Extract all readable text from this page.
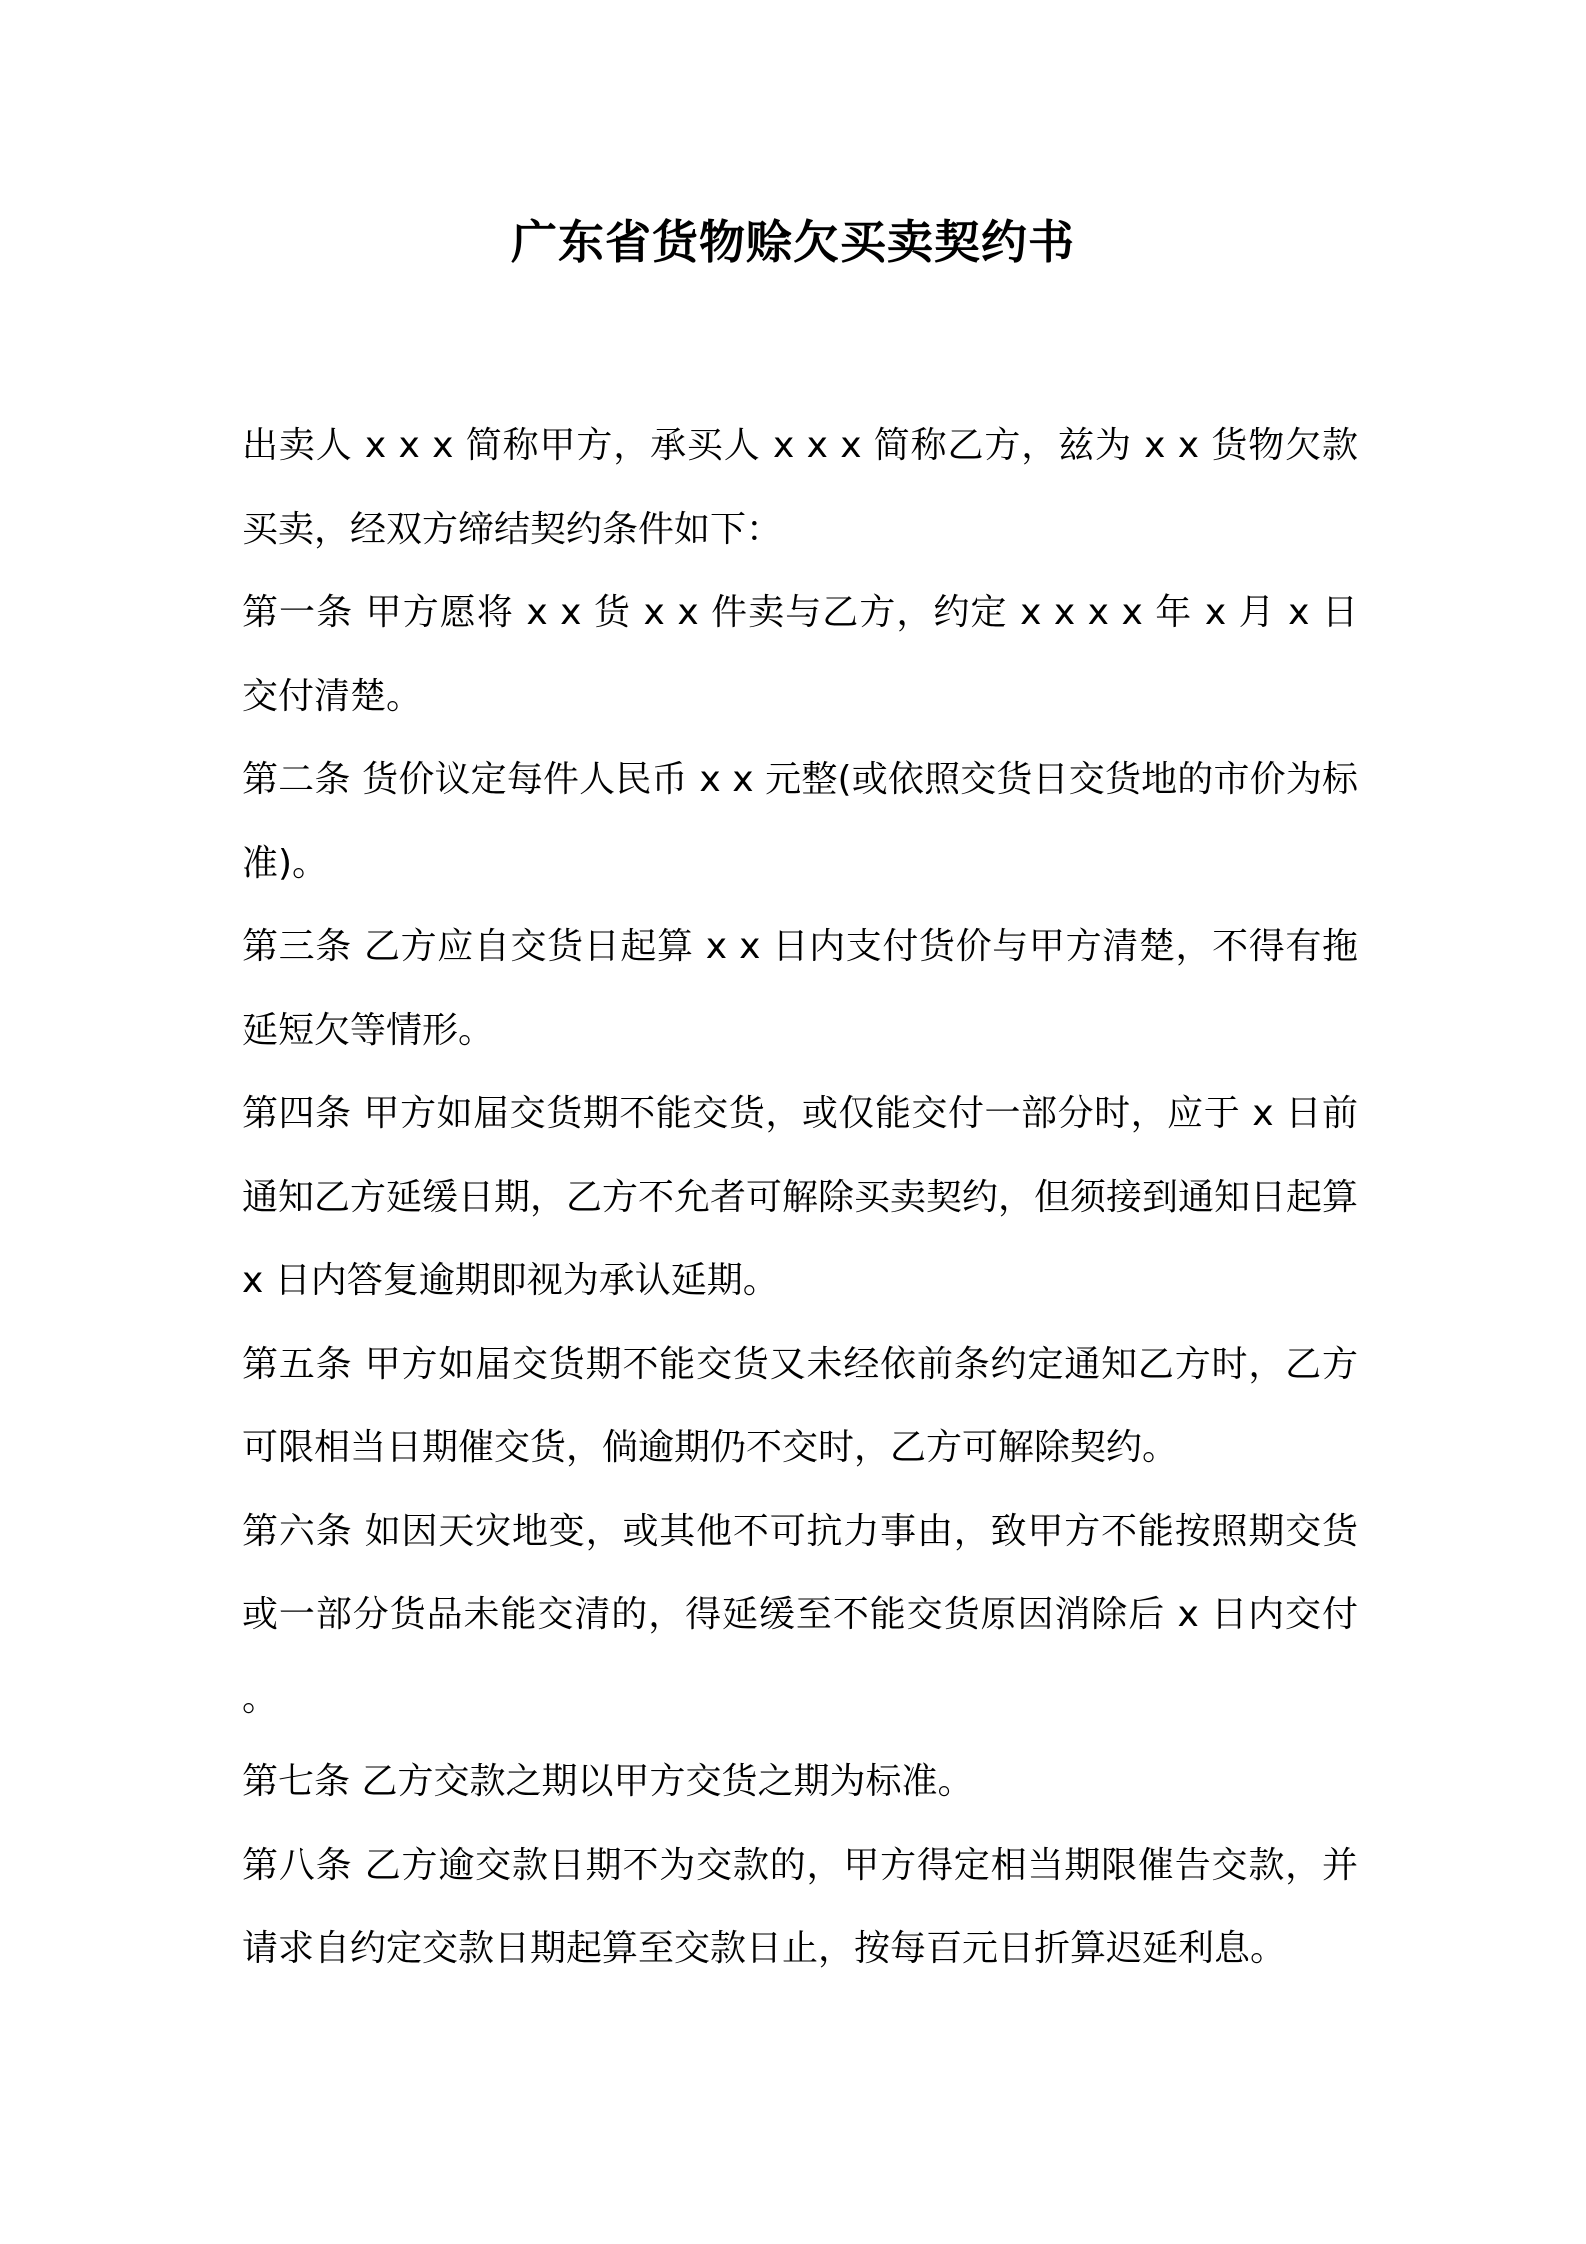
广东省货物赊欠买卖契约书

出卖人 x x x 简称甲方，承买人 x x x 简称乙方，兹为 x x 货物欠款买卖，经双方缔结契约条件如下：

第一条 甲方愿将 x x 货 x x 件卖与乙方，约定 x x x x 年 x 月 x 日交付清楚。

第二条 货价议定每件人民币 x x 元整(或依照交货日交货地的市价为标准)。

第三条 乙方应自交货日起算 x x 日内支付货价与甲方清楚，不得有拖延短欠等情形。

第四条 甲方如届交货期不能交货，或仅能交付一部分时，应于 x 日前通知乙方延缓日期，乙方不允者可解除买卖契约，但须接到通知日起算 x 日内答复逾期即视为承认延期。

第五条 甲方如届交货期不能交货又未经依前条约定通知乙方时，乙方可限相当日期催交货，倘逾期仍不交时，乙方可解除契约。

第六条 如因天灾地变，或其他不可抗力事由，致甲方不能按照期交货或一部分货品未能交清的，得延缓至不能交货原因消除后 x 日内交付。

第七条 乙方交款之期以甲方交货之期为标准。

第八条 乙方逾交款日期不为交款的，甲方得定相当期限催告交款，并请求自约定交款日期起算至交款日止，按每百元日折算迟延利息。
